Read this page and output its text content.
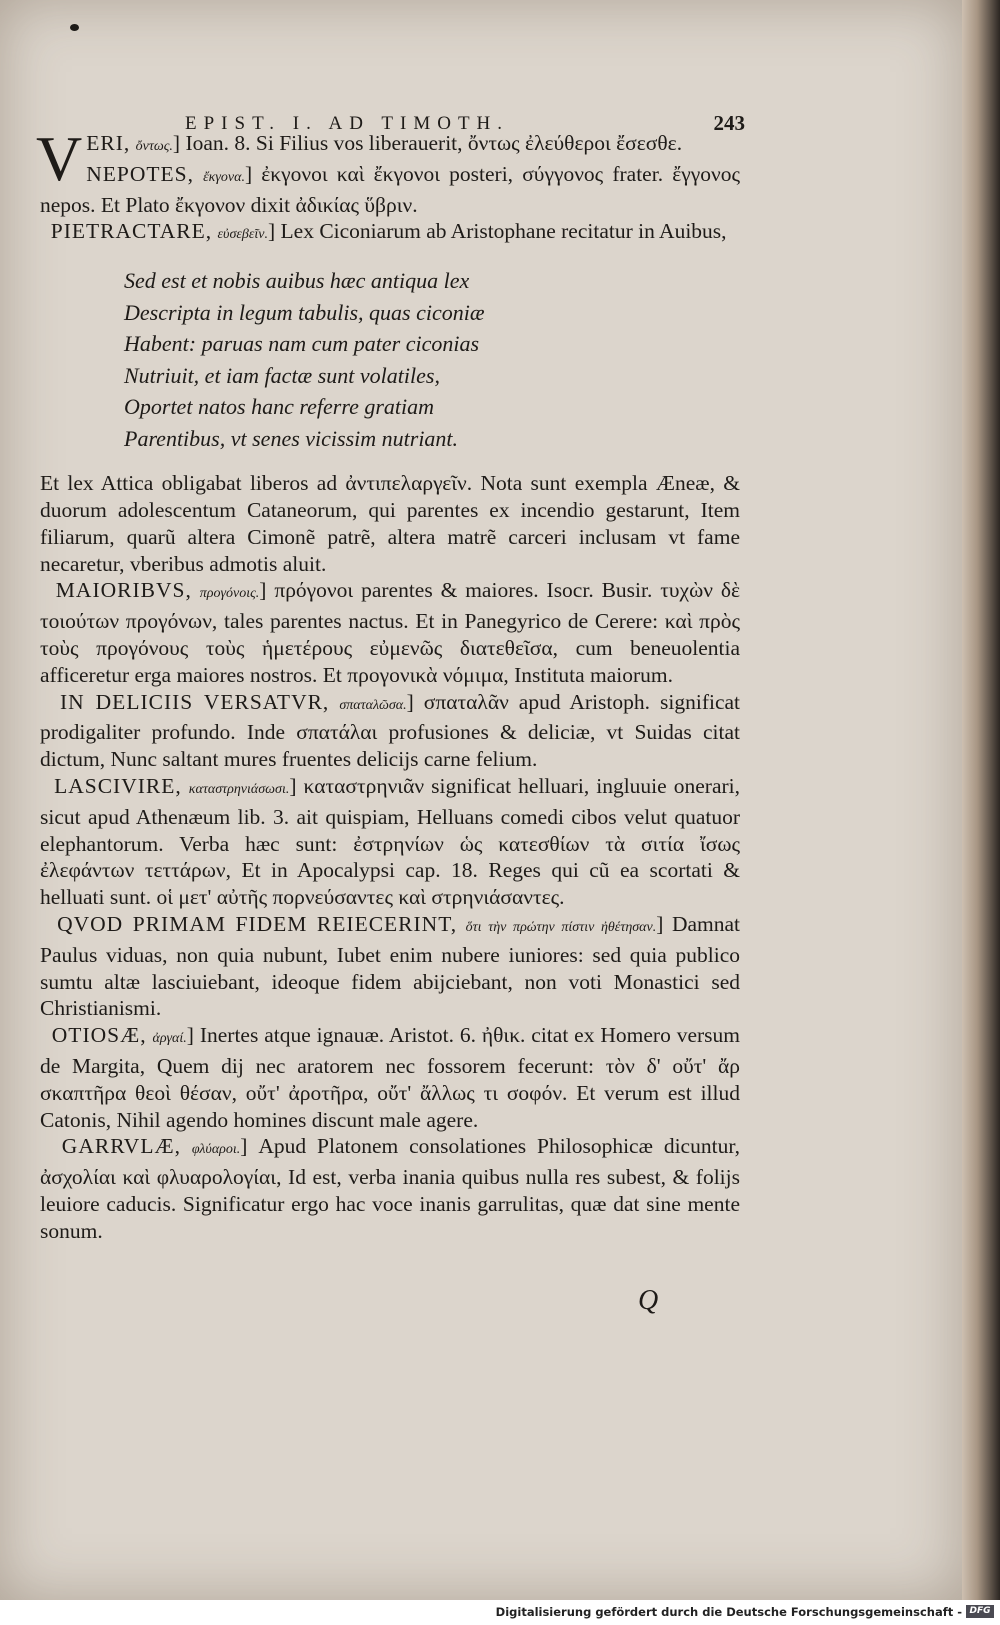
EPIST. I. AD TIMOTH.	243

V ERI, ὄντως.] Ioan. 8. Si Filius vos liberauerit, ὄντως ἐλεύθεροι ἔσεσθε.

NEPOTES, ἔκγονα.] ἐκγονοι καὶ ἔκγονοι posteri, σύγγονος frater. ἔγγονος nepos. Et Plato ἔκγονον dixit ἀδικίας ὕβριν.

PIETRACTARE, εὐσεβεῖν.] Lex Ciconiarum ab Aristophane recitatur in Auibus,

Sed est et nobis auibus hæc antiqua lex
Descripta in legum tabulis, quas ciconiæ
Habent: paruas nam cum pater ciconias
Nutriuit, et iam factæ sunt volatiles,
Oportet natos hanc referre gratiam
Parentibus, vt senes vicissim nutriant.

Et lex Attica obligabat liberos ad ἀντιπελαργεῖν. Nota sunt exempla Æneæ, & duorum adolescentum Cataneorum, qui parentes ex incendio gestarunt, Item filiarum, quarũ altera Cimonẽ patrẽ, altera matrẽ carceri inclusam vt fame necaretur, vberibus admotis aluit.

MAIORIBVS, προγόνοις.] πρόγονοι parentes & maiores. Isocr. Busir. τυχὼν δὲ τοιούτων προγόνων, tales parentes nactus. Et in Panegyrico de Cerere: καὶ πρὸς τοὺς προγόνους τοὺς ἡμετέρους εὐμενῶς διατεθεῖσα, cum beneuolentia afficeretur erga maiores nostros. Et προγονικὰ νόμιμα, Instituta maiorum.

IN DELICIIS VERSATVR, σπαταλῶσα.] σπαταλᾶν apud Aristoph. significat prodigaliter profundo. Inde σπατάλαι profusiones & deliciæ, vt Suidas citat dictum, Nunc saltant mures fruentes delicijs carne felium.

LASCIVIRE, καταστρηνιάσωσι.] καταστρηνιᾶν significat helluari, ingluuie onerari, sicut apud Athenæum lib. 3. ait quispiam, Helluans comedi cibos velut quatuor elephantorum. Verba hæc sunt: ἐστρηνίων ὡς κατεσθίων τὰ σιτία ἴσως ἐλεφάντων τεττάρων, Et in Apocalypsi cap. 18. Reges qui cũ ea scortati & helluati sunt. οἱ μετ' αὐτῆς πορνεύσαντες καὶ στρηνιάσαντες.

QVOD PRIMAM FIDEM REIECERINT, ὅτι τὴν πρώτην πίστιν ἠθέτησαν.] Damnat Paulus viduas, non quia nubunt, Iubet enim nubere iuniores: sed quia publico sumtu altæ lasciuiebant, ideoque fidem abijciebant, non voti Monastici sed Christianismi.

OTIOSÆ, ἀργαί.] Inertes atque ignauæ. Aristot. 6. ἠθικ. citat ex Homero versum de Margita, Quem dij nec aratorem nec fossorem fecerunt: τὸν δ' οὔτ' ἄρ σκαπτῆρα θεοὶ θέσαν, οὔτ' ἀροτῆρα, οὔτ' ἄλλως τι σοφόν. Et verum est illud Catonis, Nihil agendo homines discunt male agere.

GARRVLÆ, φλύαροι.] Apud Platonem consolationes Philosophicæ dicuntur, ἀσχολίαι καὶ φλυαρολογίαι, Id est, verba inania quibus nulla res subest, & folijs leuiore caducis. Significatur ergo hac voce inanis garrulitas, quæ dat sine mente sonum.

Q
Digitalisierung gefördert durch die Deutsche Forschungsgemeinschaft - DFG
